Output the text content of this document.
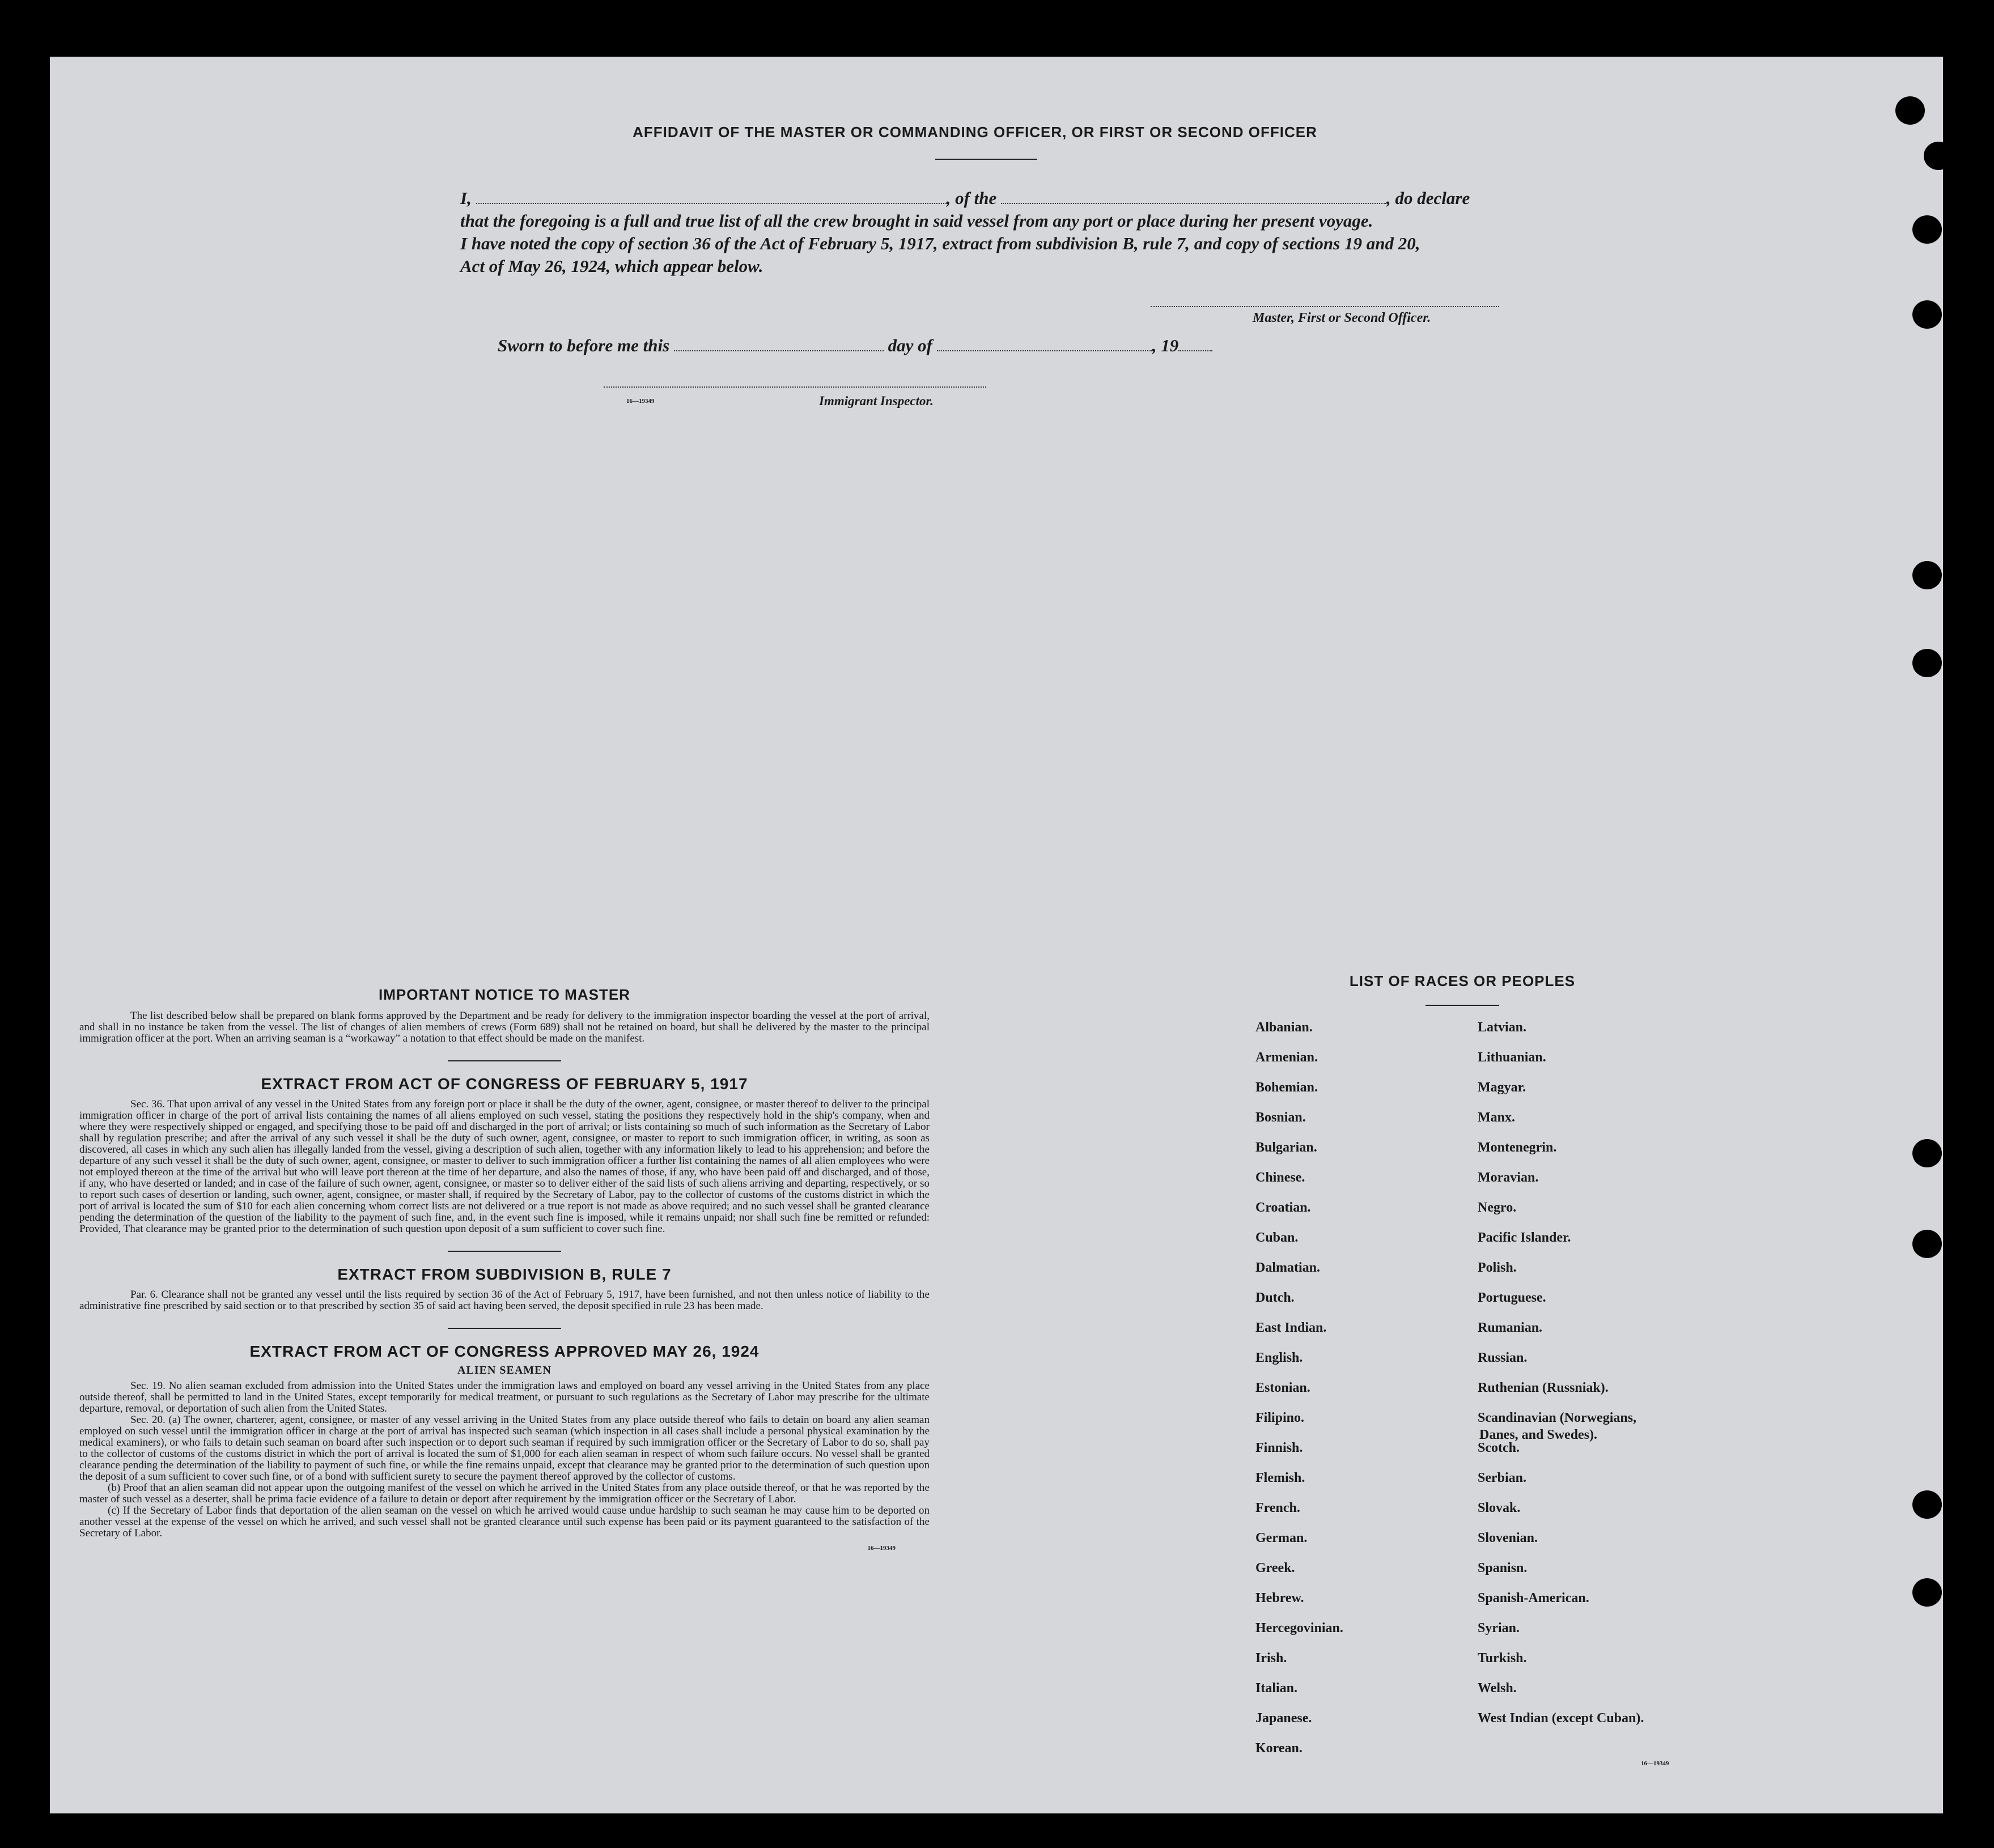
AFFIDAVIT OF THE MASTER OR COMMANDING OFFICER, OR FIRST OR SECOND OFFICER
I,	, of the	, do declare
that the foregoing is a full and true list of all the crew brought in said vessel from any port or place during her present voyage.
I have noted the copy of section 36 of the Act of February 5, 1917, extract from subdivision B, rule 7, and copy of sections 19 and 20,
Act of May 26, 1924, which appear below.
Master, First or Second Officer.
Sworn to before me this	day of	, 19
16—19349	Immigrant Inspector.
IMPORTANT NOTICE TO MASTER
The list described below shall be prepared on blank forms approved by the Department and be ready for delivery to the immigration inspector boarding the vessel at the port of arrival, and shall in no instance be taken from the vessel. The list of changes of alien members of crews (Form 689) shall not be retained on board, but shall be delivered by the master to the principal immigration officer at the port. When an arriving seaman is a “workaway” a notation to that effect should be made on the manifest.
EXTRACT FROM ACT OF CONGRESS OF FEBRUARY 5, 1917
Sec. 36. That upon arrival of any vessel in the United States from any foreign port or place it shall be the duty of the owner, agent, consignee, or master thereof to deliver to the principal immigration officer in charge of the port of arrival lists containing the names of all aliens employed on such vessel, stating the positions they respectively hold in the ship's company, when and where they were respectively shipped or engaged, and specifying those to be paid off and discharged in the port of arrival; or lists containing so much of such information as the Secretary of Labor shall by regulation prescribe; and after the arrival of any such vessel it shall be the duty of such owner, agent, consignee, or master to report to such immigration officer, in writing, as soon as discovered, all cases in which any such alien has illegally landed from the vessel, giving a description of such alien, together with any information likely to lead to his apprehension; and before the departure of any such vessel it shall be the duty of such owner, agent, consignee, or master to deliver to such immigration officer a further list containing the names of all alien employees who were not employed thereon at the time of the arrival but who will leave port thereon at the time of her departure, and also the names of those, if any, who have been paid off and discharged, and of those, if any, who have deserted or landed; and in case of the failure of such owner, agent, consignee, or master so to deliver either of the said lists of such aliens arriving and departing, respectively, or so to report such cases of desertion or landing, such owner, agent, consignee, or master shall, if required by the Secretary of Labor, pay to the collector of customs of the customs district in which the port of arrival is located the sum of $10 for each alien concerning whom correct lists are not delivered or a true report is not made as above required; and no such vessel shall be granted clearance pending the determination of the question of the liability to the payment of such fine, and, in the event such fine is imposed, while it remains unpaid; nor shall such fine be remitted or refunded: Provided, That clearance may be granted prior to the determination of such question upon deposit of a sum sufficient to cover such fine.
EXTRACT FROM SUBDIVISION B, RULE 7
Par. 6. Clearance shall not be granted any vessel until the lists required by section 36 of the Act of February 5, 1917, have been furnished, and not then unless notice of liability to the administrative fine prescribed by said section or to that prescribed by section 35 of said act having been served, the deposit specified in rule 23 has been made.
EXTRACT FROM ACT OF CONGRESS APPROVED MAY 26, 1924
ALIEN SEAMEN
Sec. 19. No alien seaman excluded from admission into the United States under the immigration laws and employed on board any vessel arriving in the United States from any place outside thereof, shall be permitted to land in the United States, except temporarily for medical treatment, or pursuant to such regulations as the Secretary of Labor may prescribe for the ultimate departure, removal, or deportation of such alien from the United States.
Sec. 20. (a) The owner, charterer, agent, consignee, or master of any vessel arriving in the United States from any place outside thereof who fails to detain on board any alien seaman employed on such vessel until the immigration officer in charge at the port of arrival has inspected such seaman (which inspection in all cases shall include a personal physical examination by the medical examiners), or who fails to detain such seaman on board after such inspection or to deport such seaman if required by such immigration officer or the Secretary of Labor to do so, shall pay to the collector of customs of the customs district in which the port of arrival is located the sum of $1,000 for each alien seaman in respect of whom such failure occurs. No vessel shall be granted clearance pending the determination of the liability to payment of such fine, or while the fine remains unpaid, except that clearance may be granted prior to the determination of such question upon the deposit of a sum sufficient to cover such fine, or of a bond with sufficient surety to secure the payment thereof approved by the collector of customs.
(b) Proof that an alien seaman did not appear upon the outgoing manifest of the vessel on which he arrived in the United States from any place outside thereof, or that he was reported by the master of such vessel as a deserter, shall be prima facie evidence of a failure to detain or deport after requirement by the immigration officer or the Secretary of Labor.
(c) If the Secretary of Labor finds that deportation of the alien seaman on the vessel on which he arrived would cause undue hardship to such seaman he may cause him to be deported on another vessel at the expense of the vessel on which he arrived, and such vessel shall not be granted clearance until such expense has been paid or its payment guaranteed to the satisfaction of the Secretary of Labor.
16—19349
LIST OF RACES OR PEOPLES
Albanian.
Armenian.
Bohemian.
Bosnian.
Bulgarian.
Chinese.
Croatian.
Cuban.
Dalmatian.
Dutch.
East Indian.
English.
Estonian.
Filipino.
Finnish.
Flemish.
French.
German.
Greek.
Hebrew.
Hercegovinian.
Irish.
Italian.
Japanese.
Korean.
Latvian.
Lithuanian.
Magyar.
Manx.
Montenegrin.
Moravian.
Negro.
Pacific Islander.
Polish.
Portuguese.
Rumanian.
Russian.
Ruthenian (Russniak).
Scandinavian (Norwegians,
Danes, and Swedes).
Scotch.
Serbian.
Slovak.
Slovenian.
Spanisn.
Spanish-American.
Syrian.
Turkish.
Welsh.
West Indian (except Cuban).
16—19349
